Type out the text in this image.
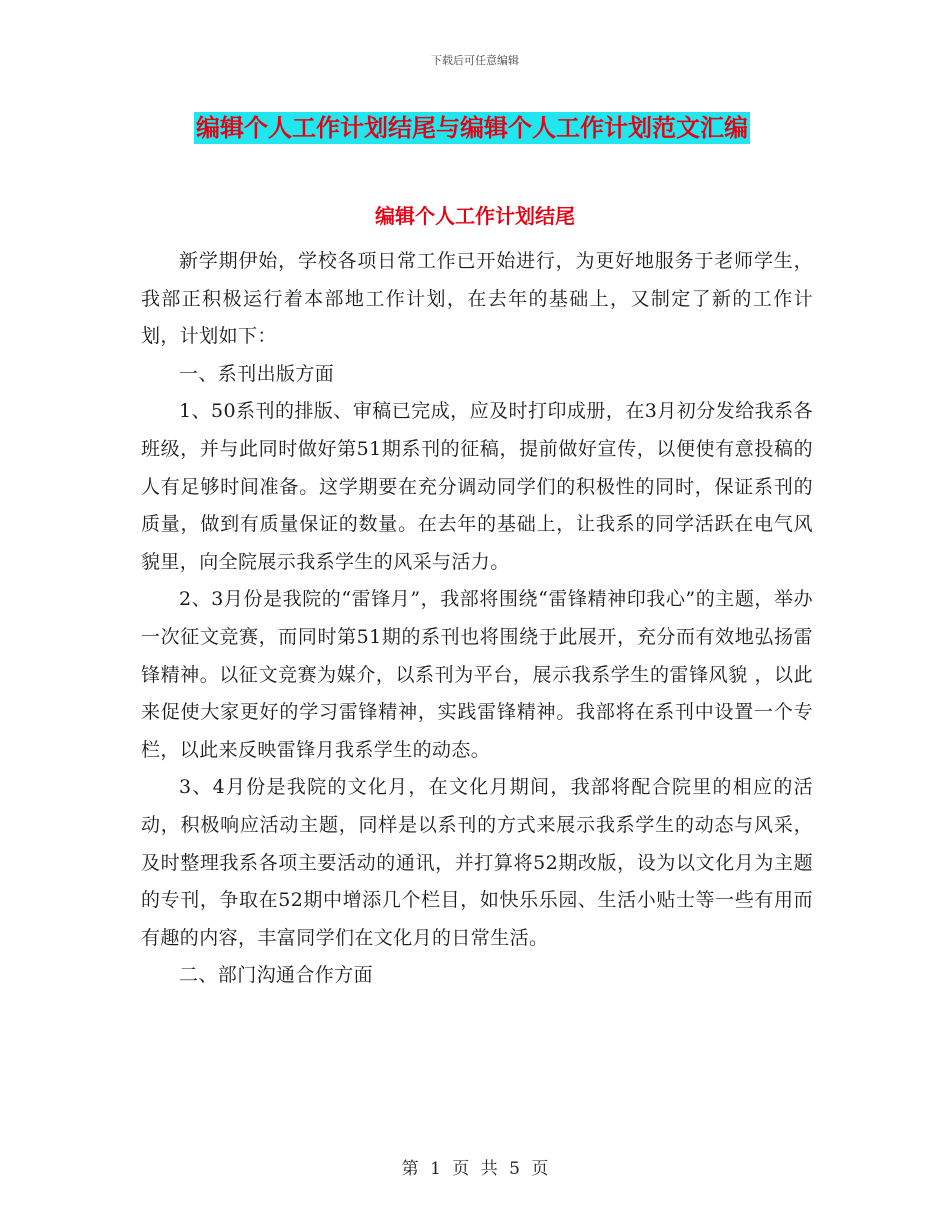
下载后可任意编辑
编辑个人工作计划结尾与编辑个人工作计划范文汇编
编辑个人工作计划结尾

新学期伊始，学校各项日常工作已开始进行，为更好地服务于老师学生，我部正积极运行着本部地工作计划，在去年的基础上，又制定了新的工作计划，计划如下：

一、系刊出版方面

1、50系刊的排版、审稿已完成，应及时打印成册，在3月初分发给我系各班级，并与此同时做好第51期系刊的征稿，提前做好宣传，以便使有意投稿的人有足够时间准备。这学期要在充分调动同学们的积极性的同时，保证系刊的质量，做到有质量保证的数量。在去年的基础上，让我系的同学活跃在电气风貌里，向全院展示我系学生的风采与活力。

2、3月份是我院的“雷锋月”，我部将围绕“雷锋精神印我心”的主题，举办一次征文竞赛，而同时第51期的系刊也将围绕于此展开，充分而有效地弘扬雷锋精神。以征文竞赛为媒介，以系刊为平台，展示我系学生的雷锋风貌 ，以此来促使大家更好的学习雷锋精神，实践雷锋精神。我部将在系刊中设置一个专栏，以此来反映雷锋月我系学生的动态。

3、4月份是我院的文化月，在文化月期间，我部将配合院里的相应的活动，积极响应活动主题，同样是以系刊的方式来展示我系学生的动态与风采，及时整理我系各项主要活动的通讯，并打算将52期改版，设为以文化月为主题的专刊，争取在52期中增添几个栏目，如快乐乐园、生活小贴士等一些有用而有趣的内容，丰富同学们在文化月的日常生活。

二、部门沟通合作方面

第 1 页 共 5 页
